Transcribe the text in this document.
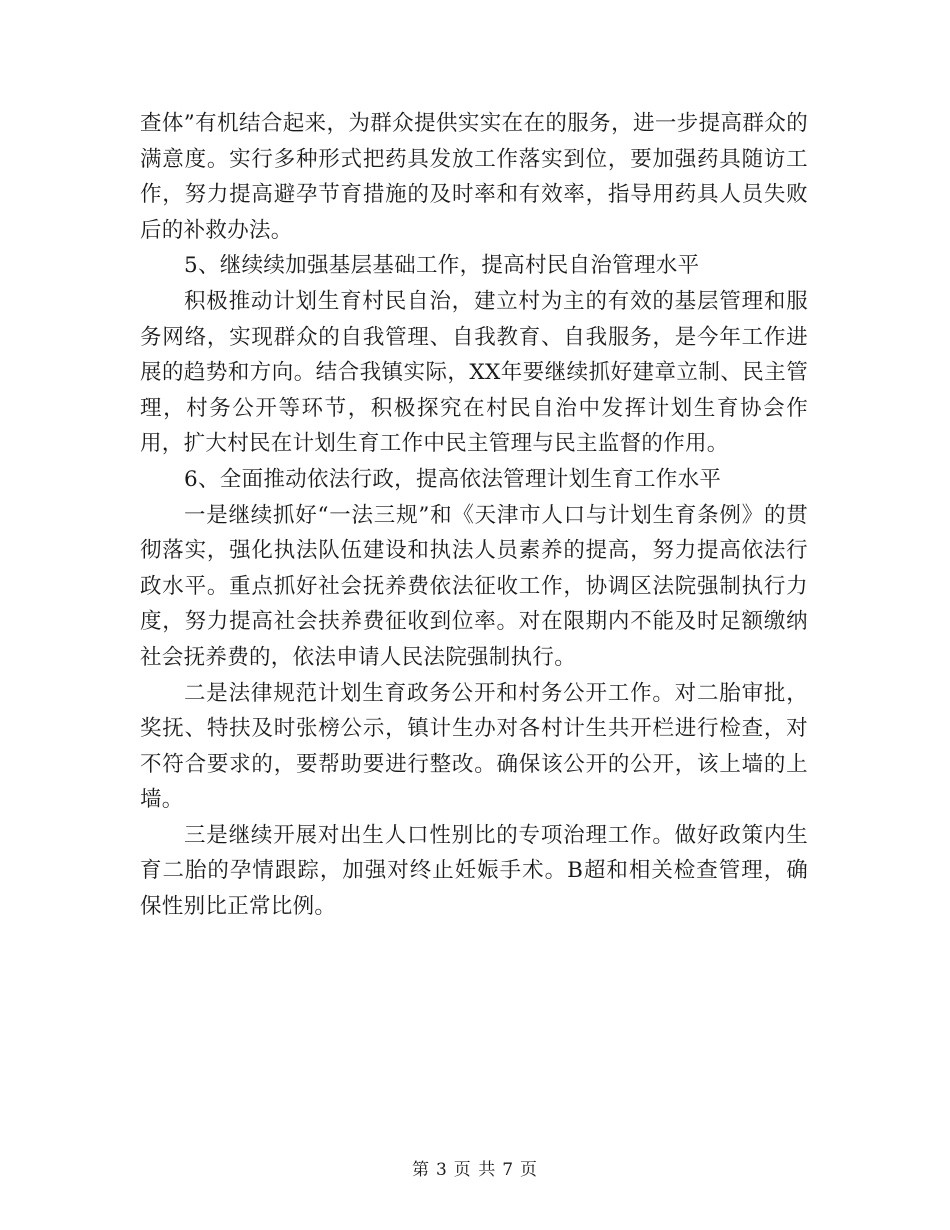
查体”有机结合起来，为群众提供实实在在的服务，进一步提高群众的满意度。实行多种形式把药具发放工作落实到位，要加强药具随访工作，努力提高避孕节育措施的及时率和有效率，指导用药具人员失败后的补救办法。

5、继续续加强基层基础工作，提高村民自治管理水平

积极推动计划生育村民自治，建立村为主的有效的基层管理和服务网络，实现群众的自我管理、自我教育、自我服务，是今年工作进展的趋势和方向。结合我镇实际，XX年要继续抓好建章立制、民主管理，村务公开等环节，积极探究在村民自治中发挥计划生育协会作用，扩大村民在计划生育工作中民主管理与民主监督的作用。

6、全面推动依法行政，提高依法管理计划生育工作水平

一是继续抓好“一法三规”和《天津市人口与计划生育条例》的贯彻落实，强化执法队伍建设和执法人员素养的提高，努力提高依法行政水平。重点抓好社会抚养费依法征收工作，协调区法院强制执行力度，努力提高社会扶养费征收到位率。对在限期内不能及时足额缴纳社会抚养费的，依法申请人民法院强制执行。

二是法律规范计划生育政务公开和村务公开工作。对二胎审批，奖抚、特扶及时张榜公示，镇计生办对各村计生共开栏进行检查，对不符合要求的，要帮助要进行整改。确保该公开的公开，该上墙的上墙。

三是继续开展对出生人口性别比的专项治理工作。做好政策内生育二胎的孕情跟踪，加强对终止妊娠手术。B超和相关检查管理，确保性别比正常比例。

第 3 页 共 7 页
